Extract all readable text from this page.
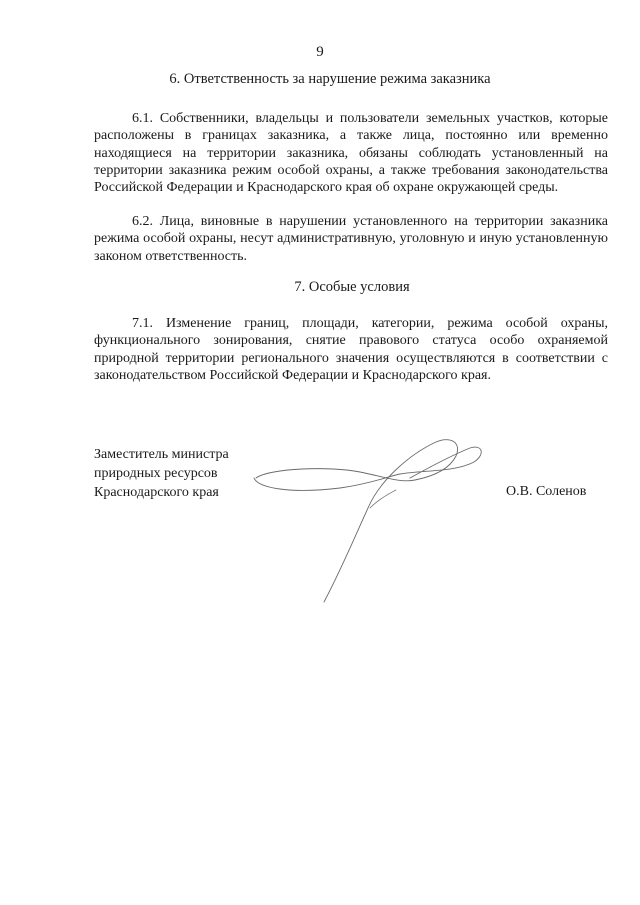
9
6. Ответственность за нарушение режима заказника

6.1. Собственники, владельцы и пользователи земельных участков, которые расположены в границах заказника, а также лица, постоянно или временно находящиеся на территории заказника, обязаны соблюдать установленный на территории заказника режим особой охраны, а также требования законодательства Российской Федерации и Краснодарского края об охране окружающей среды.

6.2. Лица, виновные в нарушении установленного на территории заказника режима особой охраны, несут административную, уголовную и иную установленную законом ответственность.

7. Особые условия

7.1. Изменение границ, площади, категории, режима особой охраны, функционального зонирования, снятие правового статуса особо охраняемой природной территории регионального значения осуществляются в соответствии с законодательством Российской Федерации и Краснодарского края.

Заместитель министра
природных ресурсов
Краснодарского края	О.В. Соленов
